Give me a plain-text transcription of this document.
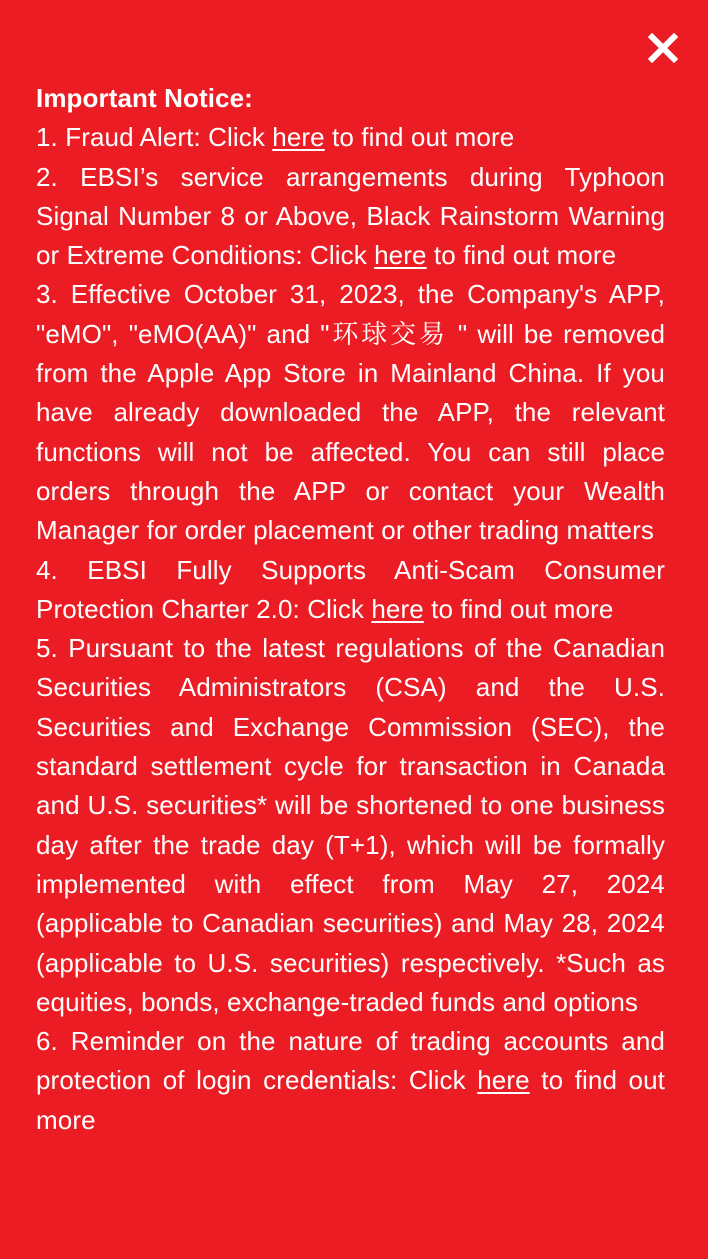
Important Notice:

1. Fraud Alert: Click here to find out more

2. EBSI’s service arrangements during Typhoon Signal Number 8 or Above, Black Rainstorm Warning or Extreme Conditions: Click here to find out more

3. Effective October 31, 2023, the Company's APP, "eMO", "eMO(AA)" and "环球交易 " will be removed from the Apple App Store in Mainland China. If you have already downloaded the APP, the relevant functions will not be affected. You can still place orders through the APP or contact your Wealth Manager for order placement or other trading matters

4. EBSI Fully Supports Anti-Scam Consumer Protection Charter 2.0: Click here to find out more

5. Pursuant to the latest regulations of the Canadian Securities Administrators (CSA) and the U.S. Securities and Exchange Commission (SEC), the standard settlement cycle for transaction in Canada and U.S. securities* will be shortened to one business day after the trade day (T+1), which will be formally implemented with effect from May 27, 2024 (applicable to Canadian securities) and May 28, 2024 (applicable to U.S. securities) respectively. *Such as equities, bonds, exchange-traded funds and options

6. Reminder on the nature of trading accounts and protection of login credentials: Click here to find out more
